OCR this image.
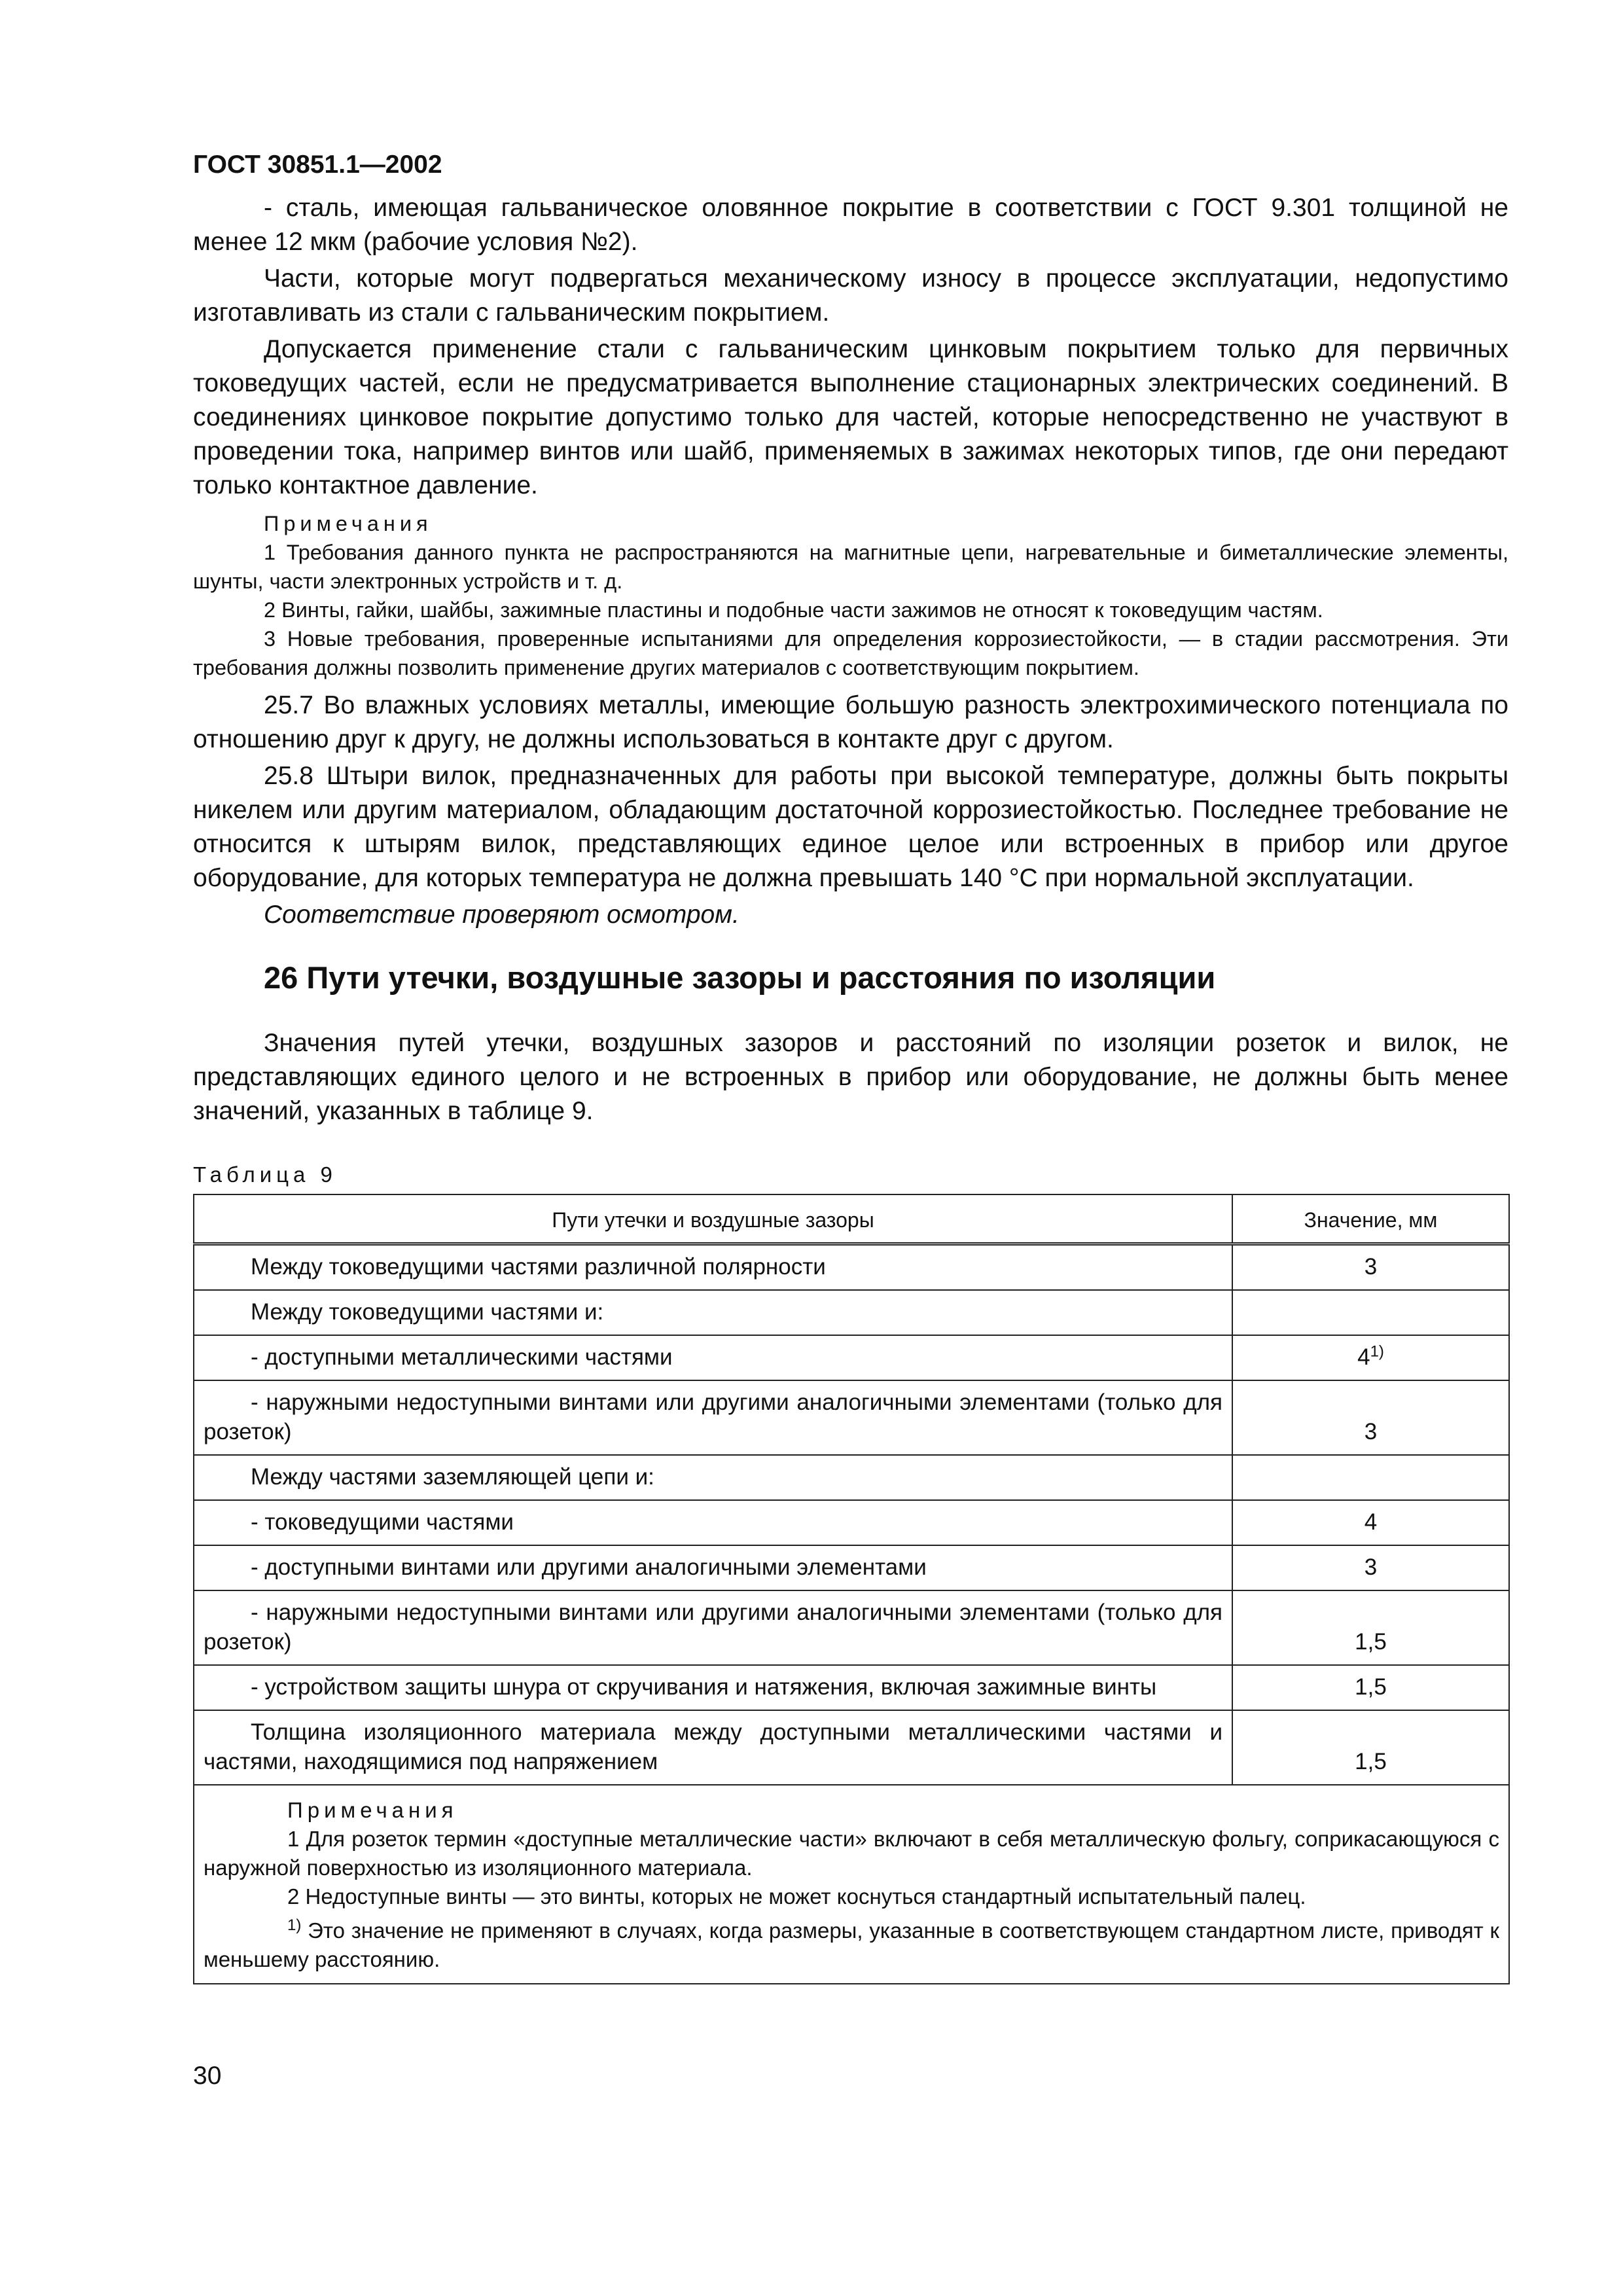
ГОСТ 30851.1—2002

- сталь, имеющая гальваническое оловянное покрытие в соответствии с ГОСТ 9.301 толщиной не менее 12 мкм (рабочие условия №2).

Части, которые могут подвергаться механическому износу в процессе эксплуатации, недопустимо изготавливать из стали с гальваническим покрытием.

Допускается применение стали с гальваническим цинковым покрытием только для первичных токоведущих частей, если не предусматривается выполнение стационарных электрических соединений. В соединениях цинковое покрытие допустимо только для частей, которые непосредственно не участвуют в проведении тока, например винтов или шайб, применяемых в зажимах некоторых типов, где они передают только контактное давление.

Примечания

1 Требования данного пункта не распространяются на магнитные цепи, нагревательные и биметаллические элементы, шунты, части электронных устройств и т. д.

2 Винты, гайки, шайбы, зажимные пластины и подобные части зажимов не относят к токоведущим частям.

3 Новые требования, проверенные испытаниями для определения коррозиестойкости, — в стадии рассмотрения. Эти требования должны позволить применение других материалов с соответствующим покрытием.

25.7 Во влажных условиях металлы, имеющие большую разность электрохимического потенциала по отношению друг к другу, не должны использоваться в контакте друг с другом.

25.8 Штыри вилок, предназначенных для работы при высокой температуре, должны быть покрыты никелем или другим материалом, обладающим достаточной коррозиестойкостью. Последнее требование не относится к штырям вилок, представляющих единое целое или встроенных в прибор или другое оборудование, для которых температура не должна превышать 140 °С при нормальной эксплуатации.

Соответствие проверяют осмотром.

26 Пути утечки, воздушные зазоры и расстояния по изоляции

Значения путей утечки, воздушных зазоров и расстояний по изоляции розеток и вилок, не представляющих единого целого и не встроенных в прибор или оборудование, не должны быть менее значений, указанных в таблице 9.

Таблица 9
Пути утечки и воздушные зазоры	Значение, мм
Между токоведущими частями различной полярности	3
Между токоведущими частями и:	
- доступными металлическими частями	4$^{1)}$
- наружными недоступными винтами или другими аналогичными элементами (только для розеток)	3
Между частями заземляющей цепи и:	
- токоведущими частями	4
- доступными винтами или другими аналогичными элементами	3
- наружными недоступными винтами или другими аналогичными элементами (только для розеток)	1,5
- устройством защиты шнура от скручивания и натяжения, включая зажимные винты	1,5
Толщина изоляционного материала между доступными металлическими частями и частями, находящимися под напряжением	1,5

Примечания

1 Для розеток термин «доступные металлические части» включают в себя металлическую фольгу, соприкасающуюся с наружной поверхностью из изоляционного материала.

2 Недоступные винты — это винты, которых не может коснуться стандартный испытательный палец.

$^{1)}$ Это значение не применяют в случаях, когда размеры, указанные в соответствующем стандартном листе, приводят к меньшему расстоянию.	

30
